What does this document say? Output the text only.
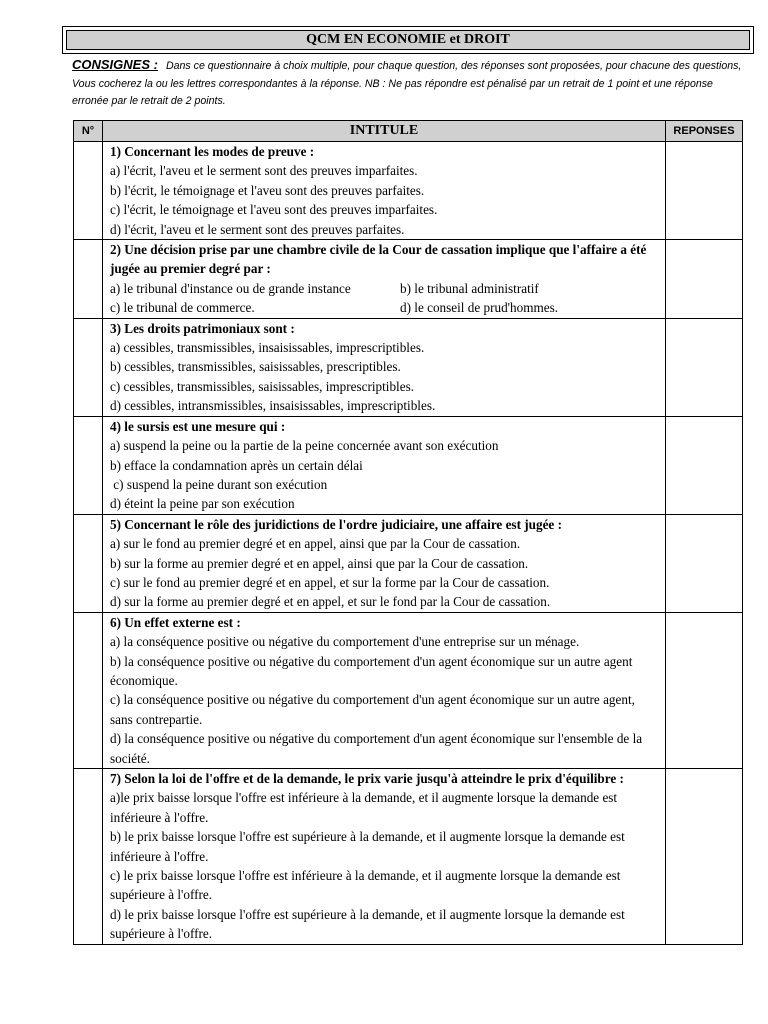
QCM EN ECONOMIE et DROIT
CONSIGNES : Dans ce questionnaire à choix multiple, pour chaque question, des réponses sont proposées, pour chacune des questions, Vous cocherez la ou les lettres correspondantes à la réponse. NB : Ne pas répondre est pénalisé par un retrait de 1 point et une réponse erronée par le retrait de 2 points.
N°	INTITULE	REPONSES

	1) Concernant les modes de preuve :
a) l'écrit, l'aveu et le serment sont des preuves imparfaites.
b) l'écrit, le témoignage et l'aveu sont des preuves parfaites.
c) l'écrit, le témoignage et l'aveu sont des preuves imparfaites.
d) l'écrit, l'aveu et le serment sont des preuves parfaites.	

	2) Une décision prise par une chambre civile de la Cour de cassation implique que l'affaire a été jugée au premier degré par :
a) le tribunal d'instance ou de grande instance b) le tribunal administratif
c) le tribunal de commerce. d) le conseil de prud'hommes.	

	3) Les droits patrimoniaux sont :
a) cessibles, transmissibles, insaisissables, imprescriptibles.
b) cessibles, transmissibles, saisissables, prescriptibles.
c) cessibles, transmissibles, saisissables, imprescriptibles.
d) cessibles, intransmissibles, insaisissables, imprescriptibles.	

	4) le sursis est une mesure qui :
a) suspend la peine ou la partie de la peine concernée avant son exécution
b) efface la condamnation après un certain délai
c) suspend la peine durant son exécution
d) éteint la peine par son exécution	

	5) Concernant le rôle des juridictions de l'ordre judiciaire, une affaire est jugée :
a) sur le fond au premier degré et en appel, ainsi que par la Cour de cassation.
b) sur la forme au premier degré et en appel, ainsi que par la Cour de cassation.
c) sur le fond au premier degré et en appel, et sur la forme par la Cour de cassation.
d) sur la forme au premier degré et en appel, et sur le fond par la Cour de cassation.	

	6) Un effet externe est :
a) la conséquence positive ou négative du comportement d'une entreprise sur un ménage.
b) la conséquence positive ou négative du comportement d'un agent économique sur un autre agent économique.
c) la conséquence positive ou négative du comportement d'un agent économique sur un autre agent, sans contrepartie.
d) la conséquence positive ou négative du comportement d'un agent économique sur l'ensemble de la société.	

	7) Selon la loi de l'offre et de la demande, le prix varie jusqu'à atteindre le prix d'équilibre :
a)le prix baisse lorsque l'offre est inférieure à la demande, et il augmente lorsque la demande est inférieure à l'offre.
b) le prix baisse lorsque l'offre est supérieure à la demande, et il augmente lorsque la demande est inférieure à l'offre.
c) le prix baisse lorsque l'offre est inférieure à la demande, et il augmente lorsque la demande est supérieure à l'offre.
d) le prix baisse lorsque l'offre est supérieure à la demande, et il augmente lorsque la demande est supérieure à l'offre.	
